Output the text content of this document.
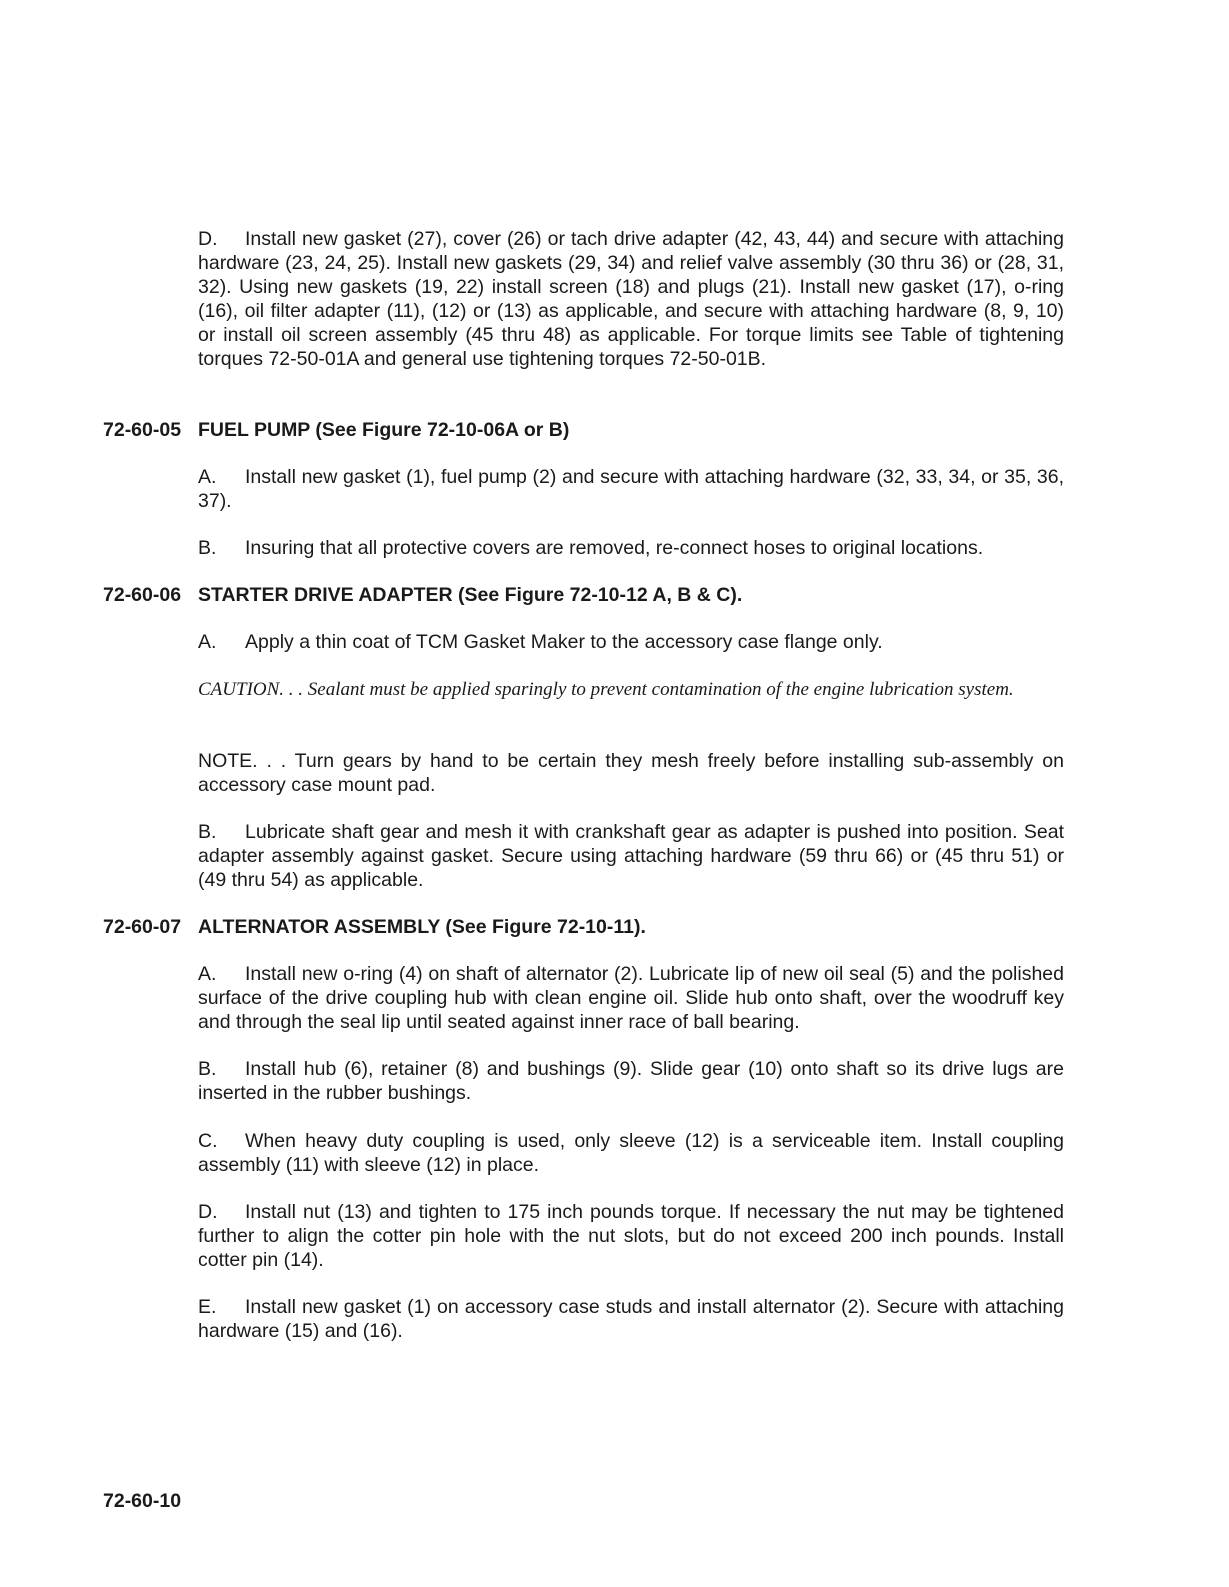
D. Install new gasket (27), cover (26) or tach drive adapter (42, 43, 44) and secure with attaching hardware (23, 24, 25). Install new gaskets (29, 34) and relief valve assembly (30 thru 36) or (28, 31, 32). Using new gaskets (19, 22) install screen (18) and plugs (21). Install new gasket (17), o-ring (16), oil filter adapter (11), (12) or (13) as applicable, and secure with attaching hardware (8, 9, 10) or install oil screen assembly (45 thru 48) as applicable. For torque limits see Table of tightening torques 72-50-01A and general use tightening torques 72-50-01B.

72-60-05 FUEL PUMP (See Figure 72-10-06A or B)

A. Install new gasket (1), fuel pump (2) and secure with attaching hardware (32, 33, 34, or 35, 36, 37).

B. Insuring that all protective covers are removed, re-connect hoses to original locations.

72-60-06 STARTER DRIVE ADAPTER (See Figure 72-10-12 A, B & C).

A. Apply a thin coat of TCM Gasket Maker to the accessory case flange only.

CAUTION. . . Sealant must be applied sparingly to prevent contamination of the engine lubrication system.

NOTE. . . Turn gears by hand to be certain they mesh freely before installing sub-assembly on accessory case mount pad.

B. Lubricate shaft gear and mesh it with crankshaft gear as adapter is pushed into position. Seat adapter assembly against gasket. Secure using attaching hardware (59 thru 66) or (45 thru 51) or (49 thru 54) as applicable.

72-60-07 ALTERNATOR ASSEMBLY (See Figure 72-10-11).

A. Install new o-ring (4) on shaft of alternator (2). Lubricate lip of new oil seal (5) and the polished surface of the drive coupling hub with clean engine oil. Slide hub onto shaft, over the woodruff key and through the seal lip until seated against inner race of ball bearing.

B. Install hub (6), retainer (8) and bushings (9). Slide gear (10) onto shaft so its drive lugs are inserted in the rubber bushings.

C. When heavy duty coupling is used, only sleeve (12) is a serviceable item. Install coupling assembly (11) with sleeve (12) in place.

D. Install nut (13) and tighten to 175 inch pounds torque. If necessary the nut may be tightened further to align the cotter pin hole with the nut slots, but do not exceed 200 inch pounds. Install cotter pin (14).

E. Install new gasket (1) on accessory case studs and install alternator (2). Secure with attaching hardware (15) and (16).

72-60-10
